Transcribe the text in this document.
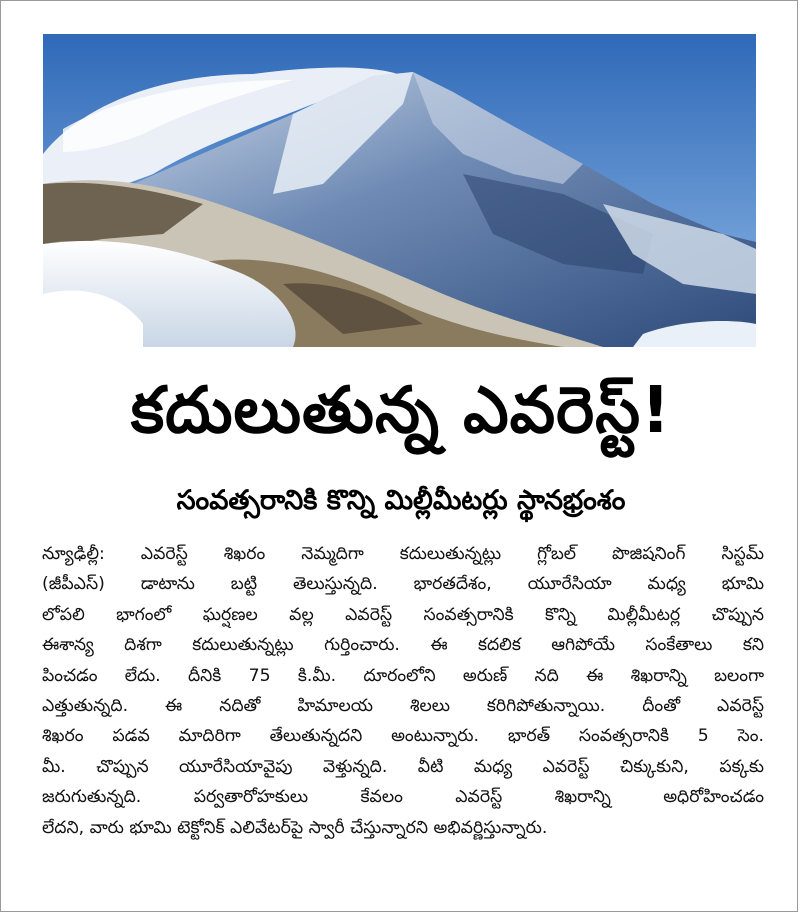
కదులుతున్న ఎవరెస్ట్!
సంవత్సరానికి కొన్ని మిల్లీమీటర్లు స్థానభ్రంశం
న్యూఢిల్లీ: ఎవరెస్ట్ శిఖరం నెమ్మదిగా కదులుతున్నట్లు గ్లోబల్ పొజిషనింగ్ సిస్టమ్
(జీపీఎస్) డాటాను బట్టి తెలుస్తున్నది. భారతదేశం, యూరేసియా మధ్య భూమి
లోపలి భాగంలో ఘర్షణల వల్ల ఎవరెస్ట్ సంవత్సరానికి కొన్ని మిల్లీమీటర్ల చొప్పున
ఈశాన్య దిశగా కదులుతున్నట్లు గుర్తించారు. ఈ కదలిక ఆగిపోయే సంకేతాలు కని
పించడం లేదు. దీనికి 75 కి.మీ. దూరంలోని అరుణ్ నది ఈ శిఖరాన్ని బలంగా
ఎత్తుతున్నది. ఈ నదితో హిమాలయ శిలలు కరిగిపోతున్నాయి. దీంతో ఎవరెస్ట్
శిఖరం పడవ మాదిరిగా తేలుతున్నదని అంటున్నారు. భారత్ సంవత్సరానికి 5 సెం.
మీ. చొప్పున యూరేసియావైపు వెళ్తున్నది. వీటి మధ్య ఎవరెస్ట్ చిక్కుకుని, పక్కకు
జరుగుతున్నది. పర్వతారోహకులు కేవలం ఎవరెస్ట్ శిఖరాన్ని అధిరోహించడం
లేదని, వారు భూమి టెక్టోనిక్ ఎలివేటర్‌పై స్వారీ చేస్తున్నారని అభివర్ణిస్తున్నారు.
